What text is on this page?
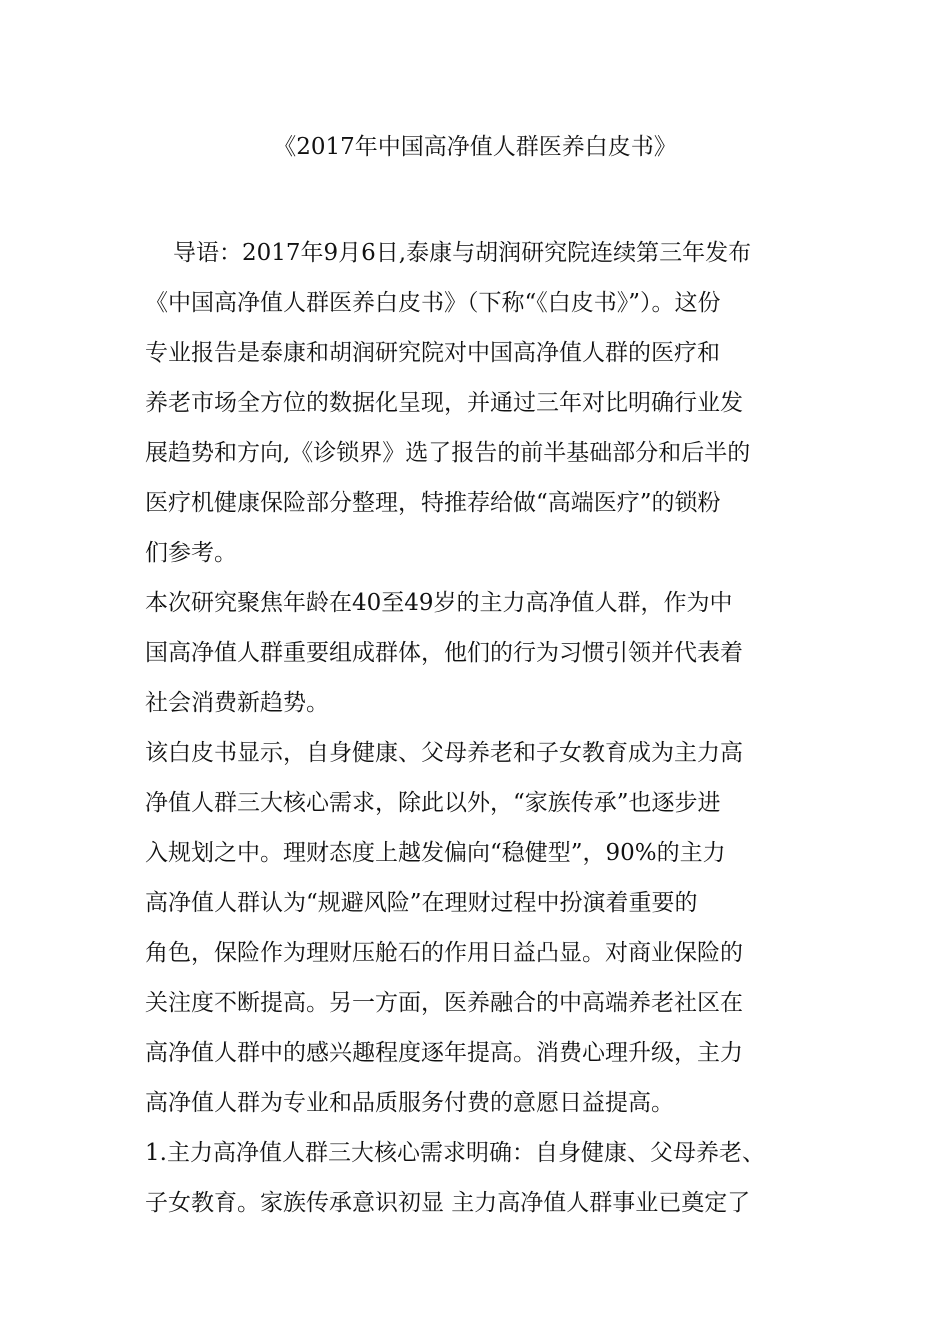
《2017年中国高净值人群医养白皮书》

导语：2017年9月6日,泰康与胡润研究院连续第三年发布
《中国高净值人群医养白皮书》（下称“《白皮书》”）。这份
专业报告是泰康和胡润研究院对中国高净值人群的医疗和
养老市场全方位的数据化呈现，并通过三年对比明确行业发
展趋势和方向,《诊锁界》选了报告的前半基础部分和后半的
医疗机健康保险部分整理，特推荐给做“高端医疗”的锁粉
们参考。

本次研究聚焦年龄在40至49岁的主力高净值人群，作为中
国高净值人群重要组成群体，他们的行为习惯引领并代表着
社会消费新趋势。

该白皮书显示，自身健康、父母养老和子女教育成为主力高
净值人群三大核心需求，除此以外，“家族传承”也逐步进
入规划之中。理财态度上越发偏向“稳健型”，90%的主力
高净值人群认为“规避风险”在理财过程中扮演着重要的
角色，保险作为理财压舱石的作用日益凸显。对商业保险的
关注度不断提高。另一方面，医养融合的中高端养老社区在
高净值人群中的感兴趣程度逐年提高。消费心理升级，主力
高净值人群为专业和品质服务付费的意愿日益提高。

1.主力高净值人群三大核心需求明确：自身健康、父母养老、
子女教育。家族传承意识初显 主力高净值人群事业已奠定了
